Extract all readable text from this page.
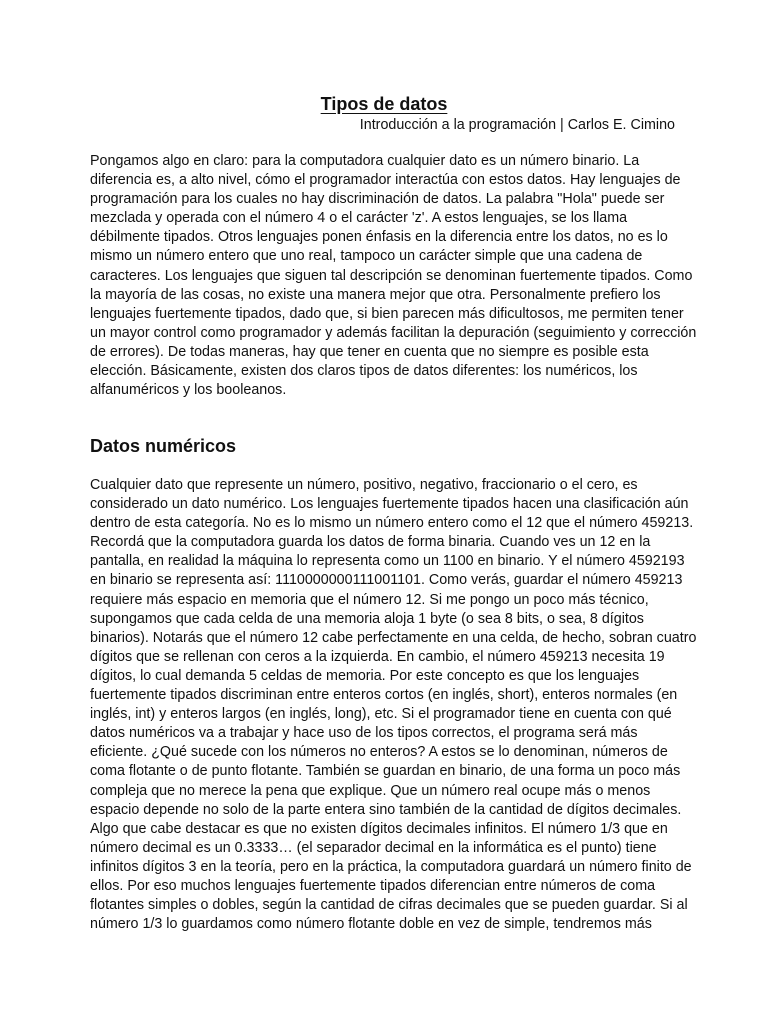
Tipos de datos

Introducción a la programación | Carlos E. Cimino

Pongamos algo en claro: para la computadora cualquier dato es un número binario. La
diferencia es, a alto nivel, cómo el programador interactúa con estos datos. Hay lenguajes de
programación para los cuales no hay discriminación de datos. La palabra "Hola" puede ser
mezclada y operada con el número 4 o el carácter 'z'. A estos lenguajes, se los llama
débilmente tipados. Otros lenguajes ponen énfasis en la diferencia entre los datos, no es lo
mismo un número entero que uno real, tampoco un carácter simple que una cadena de
caracteres. Los lenguajes que siguen tal descripción se denominan fuertemente tipados. Como
la mayoría de las cosas, no existe una manera mejor que otra. Personalmente prefiero los
lenguajes fuertemente tipados, dado que, si bien parecen más dificultosos, me permiten tener
un mayor control como programador y además facilitan la depuración (seguimiento y corrección
de errores). De todas maneras, hay que tener en cuenta que no siempre es posible esta
elección. Básicamente, existen dos claros tipos de datos diferentes: los numéricos, los
alfanuméricos y los booleanos.

Datos numéricos

Cualquier dato que represente un número, positivo, negativo, fraccionario o el cero, es
considerado un dato numérico. Los lenguajes fuertemente tipados hacen una clasificación aún
dentro de esta categoría. No es lo mismo un número entero como el 12 que el número 459213.
Recordá que la computadora guarda los datos de forma binaria. Cuando ves un 12 en la
pantalla, en realidad la máquina lo representa como un 1100 en binario. Y el número 4592193
en binario se representa así: 1110000000111001101. Como verás, guardar el número 459213
requiere más espacio en memoria que el número 12. Si me pongo un poco más técnico,
supongamos que cada celda de una memoria aloja 1 byte (o sea 8 bits, o sea, 8 dígitos
binarios). Notarás que el número 12 cabe perfectamente en una celda, de hecho, sobran cuatro
dígitos que se rellenan con ceros a la izquierda. En cambio, el número 459213 necesita 19
dígitos, lo cual demanda 5 celdas de memoria. Por este concepto es que los lenguajes
fuertemente tipados discriminan entre enteros cortos (en inglés, short), enteros normales (en
inglés, int) y enteros largos (en inglés, long), etc. Si el programador tiene en cuenta con qué
datos numéricos va a trabajar y hace uso de los tipos correctos, el programa será más
eficiente. ¿Qué sucede con los números no enteros? A estos se lo denominan, números de
coma flotante o de punto flotante. También se guardan en binario, de una forma un poco más
compleja que no merece la pena que explique. Que un número real ocupe más o menos
espacio depende no solo de la parte entera sino también de la cantidad de dígitos decimales.
Algo que cabe destacar es que no existen dígitos decimales infinitos. El número 1/3 que en
número decimal es un 0.3333… (el separador decimal en la informática es el punto) tiene
infinitos dígitos 3 en la teoría, pero en la práctica, la computadora guardará un número finito de
ellos. Por eso muchos lenguajes fuertemente tipados diferencian entre números de coma
flotantes simples o dobles, según la cantidad de cifras decimales que se pueden guardar. Si al
número 1/3 lo guardamos como número flotante doble en vez de simple, tendremos más
